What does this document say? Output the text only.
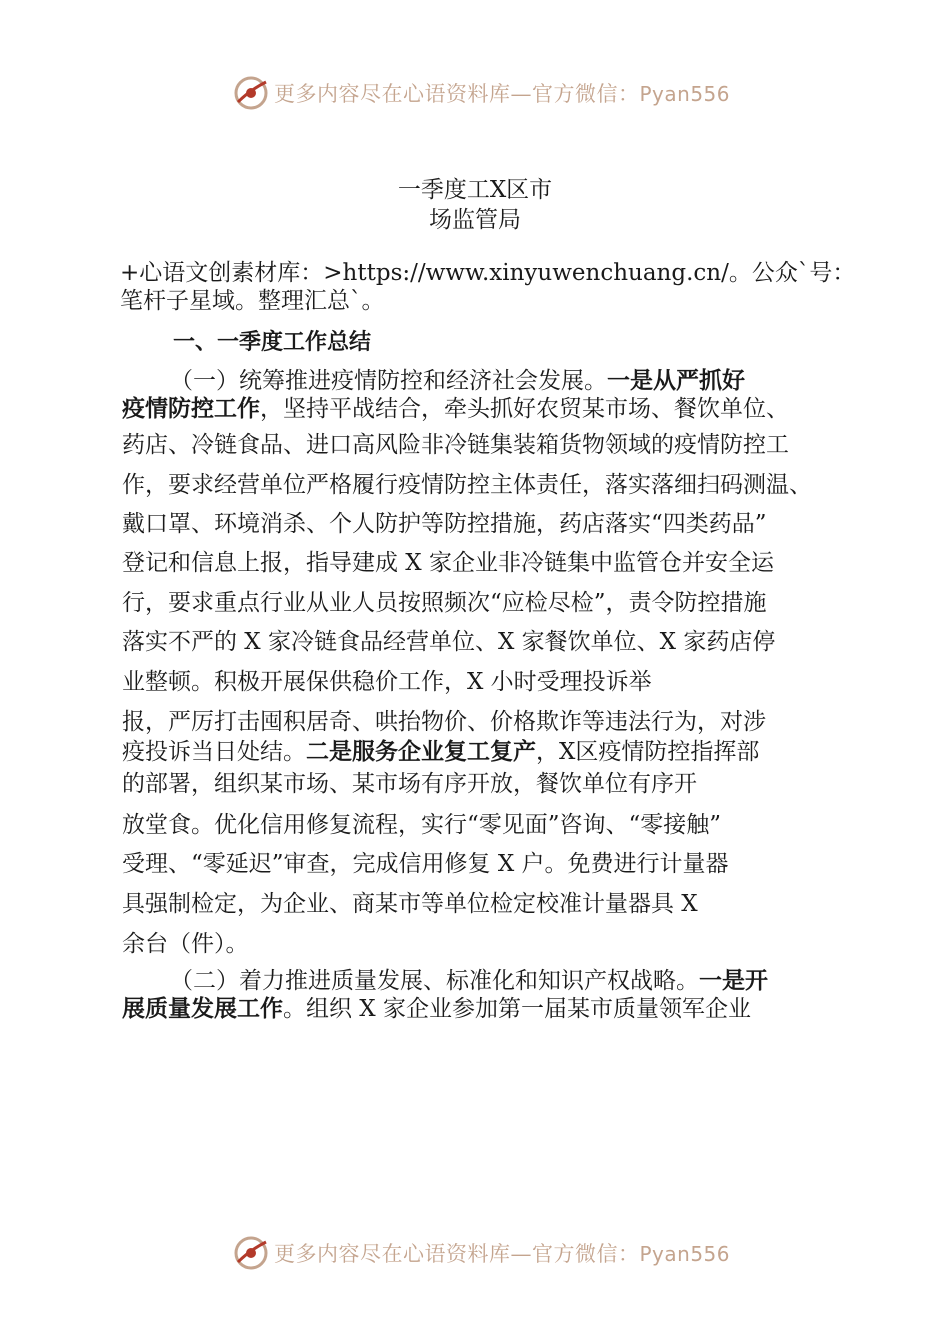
更多内容尽在心语资料库—官方微信：Pyan556
一季度工X区市
场监管局
+心语文创素材库：>https://www.xinyuwenchuang.cn/。公众`号：
笔杆子星域。整理汇总`。
一、一季度工作总结
（一）统筹推进疫情防控和经济社会发展。一是从严抓好
疫情防控工作，坚持平战结合，牵头抓好农贸某市场、餐饮单位、
药店、冷链食品、进口高风险非冷链集装箱货物领域的疫情防控工
作，要求经营单位严格履行疫情防控主体责任，落实落细扫码测温、
戴口罩、环境消杀、个人防护等防控措施，药店落实“四类药品”
登记和信息上报，指导建成 X 家企业非冷链集中监管仓并安全运
行，要求重点行业从业人员按照频次“应检尽检”，责令防控措施
落实不严的 X 家冷链食品经营单位、X 家餐饮单位、X 家药店停
业整顿。积极开展保供稳价工作，X 小时受理投诉举
报，严厉打击囤积居奇、哄抬物价、价格欺诈等违法行为，对涉
疫投诉当日处结。二是服务企业复工复产，X区疫情防控指挥部
的部署，组织某市场、某市场有序开放，餐饮单位有序开
放堂食。优化信用修复流程，实行“零见面”咨询、“零接触”
受理、“零延迟”审查，完成信用修复 X 户。免费进行计量器
具强制检定，为企业、商某市等单位检定校准计量器具 X
余台（件）。
（二）着力推进质量发展、标准化和知识产权战略。一是开
展质量发展工作。组织 X 家企业参加第一届某市质量领军企业
更多内容尽在心语资料库—官方微信：Pyan556
